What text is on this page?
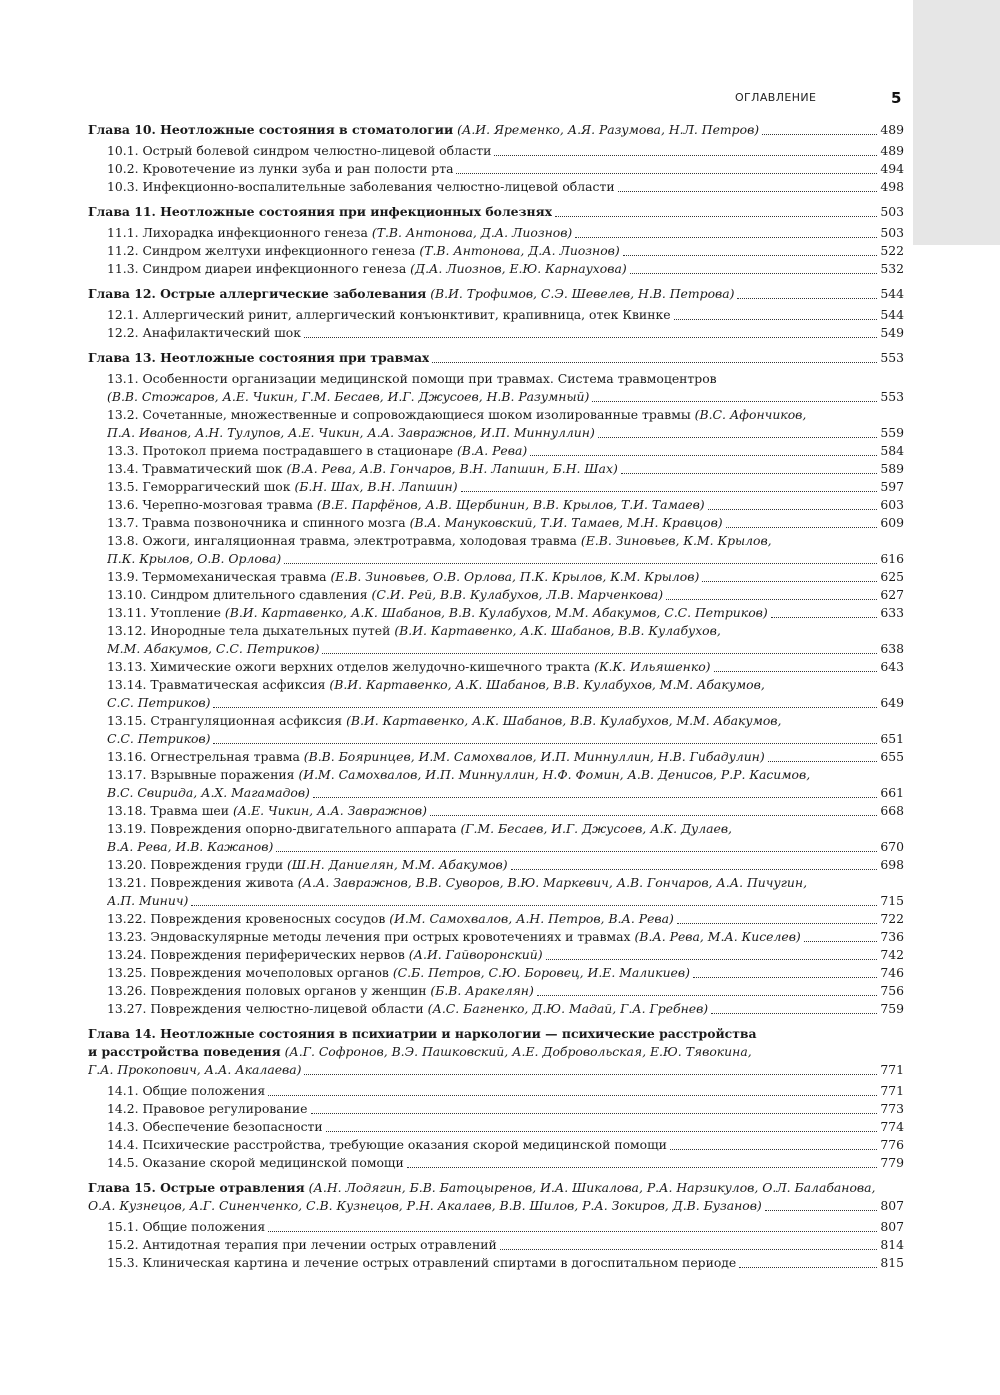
ОГЛАВЛЕНИЕ	5
Глава 10. Неотложные состояния в стоматологии (А.И. Яременко, А.Я. Разумова, Н.Л. Петров)	489
10.1. Острый болевой синдром челюстно-лицевой области	489
10.2. Кровотечение из лунки зуба и ран полости рта	494
10.3. Инфекционно-воспалительные заболевания челюстно-лицевой области	498
Глава 11. Неотложные состояния при инфекционных болезнях	503
11.1. Лихорадка инфекционного генеза (Т.В. Антонова, Д.А. Лиознов)	503
11.2. Синдром желтухи инфекционного генеза (Т.В. Антонова, Д.А. Лиознов)	522
11.3. Синдром диареи инфекционного генеза (Д.А. Лиознов, Е.Ю. Карнаухова)	532
Глава 12. Острые аллергические заболевания (В.И. Трофимов, С.Э. Шевелев, Н.В. Петрова)	544
12.1. Аллергический ринит, аллергический конъюнктивит, крапивница, отек Квинке	544
12.2. Анафилактический шок	549
Глава 13. Неотложные состояния при травмах	553
13.1. Особенности организации медицинской помощи при травмах. Система травмоцентров
(В.В. Стожаров, А.Е. Чикин, Г.М. Бесаев, И.Г. Джусоев, Н.В. Разумный)	553
13.2. Сочетанные, множественные и сопровождающиеся шоком изолированные травмы (В.С. Афончиков,
П.А. Иванов, А.Н. Тулупов, А.Е. Чикин, А.А. Завражнов, И.П. Миннуллин)	559
13.3. Протокол приема пострадавшего в стационаре (В.А. Рева)	584
13.4. Травматический шок (В.А. Рева, А.В. Гончаров, В.Н. Лапшин, Б.Н. Шах)	589
13.5. Геморрагический шок (Б.Н. Шах, В.Н. Лапшин)	597
13.6. Черепно-мозговая травма (В.Е. Парфёнов, А.В. Щербинин, В.В. Крылов, Т.И. Тамаев)	603
13.7. Травма позвоночника и спинного мозга (В.А. Мануковский, Т.И. Тамаев, М.Н. Кравцов)	609
13.8. Ожоги, ингаляционная травма, электротравма, холодовая травма (Е.В. Зиновьев, К.М. Крылов,
П.К. Крылов, О.В. Орлова)	616
13.9. Термомеханическая травма (Е.В. Зиновьев, О.В. Орлова, П.К. Крылов, К.М. Крылов)	625
13.10. Синдром длительного сдавления (С.И. Рей, В.В. Кулабухов, Л.В. Марченкова)	627
13.11. Утопление (В.И. Картавенко, А.К. Шабанов, В.В. Кулабухов, М.М. Абакумов, С.С. Петриков)	633
13.12. Инородные тела дыхательных путей (В.И. Картавенко, А.К. Шабанов, В.В. Кулабухов,
М.М. Абакумов, С.С. Петриков)	638
13.13. Химические ожоги верхних отделов желудочно-кишечного тракта (К.К. Ильяшенко)	643
13.14. Травматическая асфиксия (В.И. Картавенко, А.К. Шабанов, В.В. Кулабухов, М.М. Абакумов,
С.С. Петриков)	649
13.15. Странгуляционная асфиксия (В.И. Картавенко, А.К. Шабанов, В.В. Кулабухов, М.М. Абакумов,
С.С. Петриков)	651
13.16. Огнестрельная травма (В.В. Бояринцев, И.М. Самохвалов, И.П. Миннуллин, Н.В. Гибадулин)	655
13.17. Взрывные поражения (И.М. Самохвалов, И.П. Миннуллин, Н.Ф. Фомин, А.В. Денисов, Р.Р. Касимов,
В.С. Свирида, А.Х. Магамадов)	661
13.18. Травма шеи (А.Е. Чикин, А.А. Завражнов)	668
13.19. Повреждения опорно-двигательного аппарата (Г.М. Бесаев, И.Г. Джусоев, А.К. Дулаев,
В.А. Рева, И.В. Кажанов)	670
13.20. Повреждения груди (Ш.Н. Даниелян, М.М. Абакумов)	698
13.21. Повреждения живота (А.А. Завражнов, В.В. Суворов, В.Ю. Маркевич, А.В. Гончаров, А.А. Пичугин,
А.П. Минич)	715
13.22. Повреждения кровеносных сосудов (И.М. Самохвалов, А.Н. Петров, В.А. Рева)	722
13.23. Эндоваскулярные методы лечения при острых кровотечениях и травмах (В.А. Рева, М.А. Киселев)	736
13.24. Повреждения периферических нервов (А.И. Гайворонский)	742
13.25. Повреждения мочеполовых органов (С.Б. Петров, С.Ю. Боровец, И.Е. Маликиев)	746
13.26. Повреждения половых органов у женщин (Б.В. Аракелян)	756
13.27. Повреждения челюстно-лицевой области (А.С. Багненко, Д.Ю. Мадай, Г.А. Гребнев)	759
Глава 14. Неотложные состояния в психиатрии и наркологии — психические расстройства
и расстройства поведения (А.Г. Софронов, В.Э. Пашковский, А.Е. Добровольская, Е.Ю. Тявокина,
Г.А. Прокопович, А.А. Акалаева)	771
14.1. Общие положения	771
14.2. Правовое регулирование	773
14.3. Обеспечение безопасности	774
14.4. Психические расстройства, требующие оказания скорой медицинской помощи	776
14.5. Оказание скорой медицинской помощи	779
Глава 15. Острые отравления (А.Н. Лодягин, Б.В. Батоцыренов, И.А. Шикалова, Р.А. Нарзикулов, О.Л. Балабанова,
О.А. Кузнецов, А.Г. Синенченко, С.В. Кузнецов, Р.Н. Акалаев, В.В. Шилов, Р.А. Зокиров, Д.В. Бузанов)	807
15.1. Общие положения	807
15.2. Антидотная терапия при лечении острых отравлений	814
15.3. Клиническая картина и лечение острых отравлений спиртами в догоспитальном периоде	815
